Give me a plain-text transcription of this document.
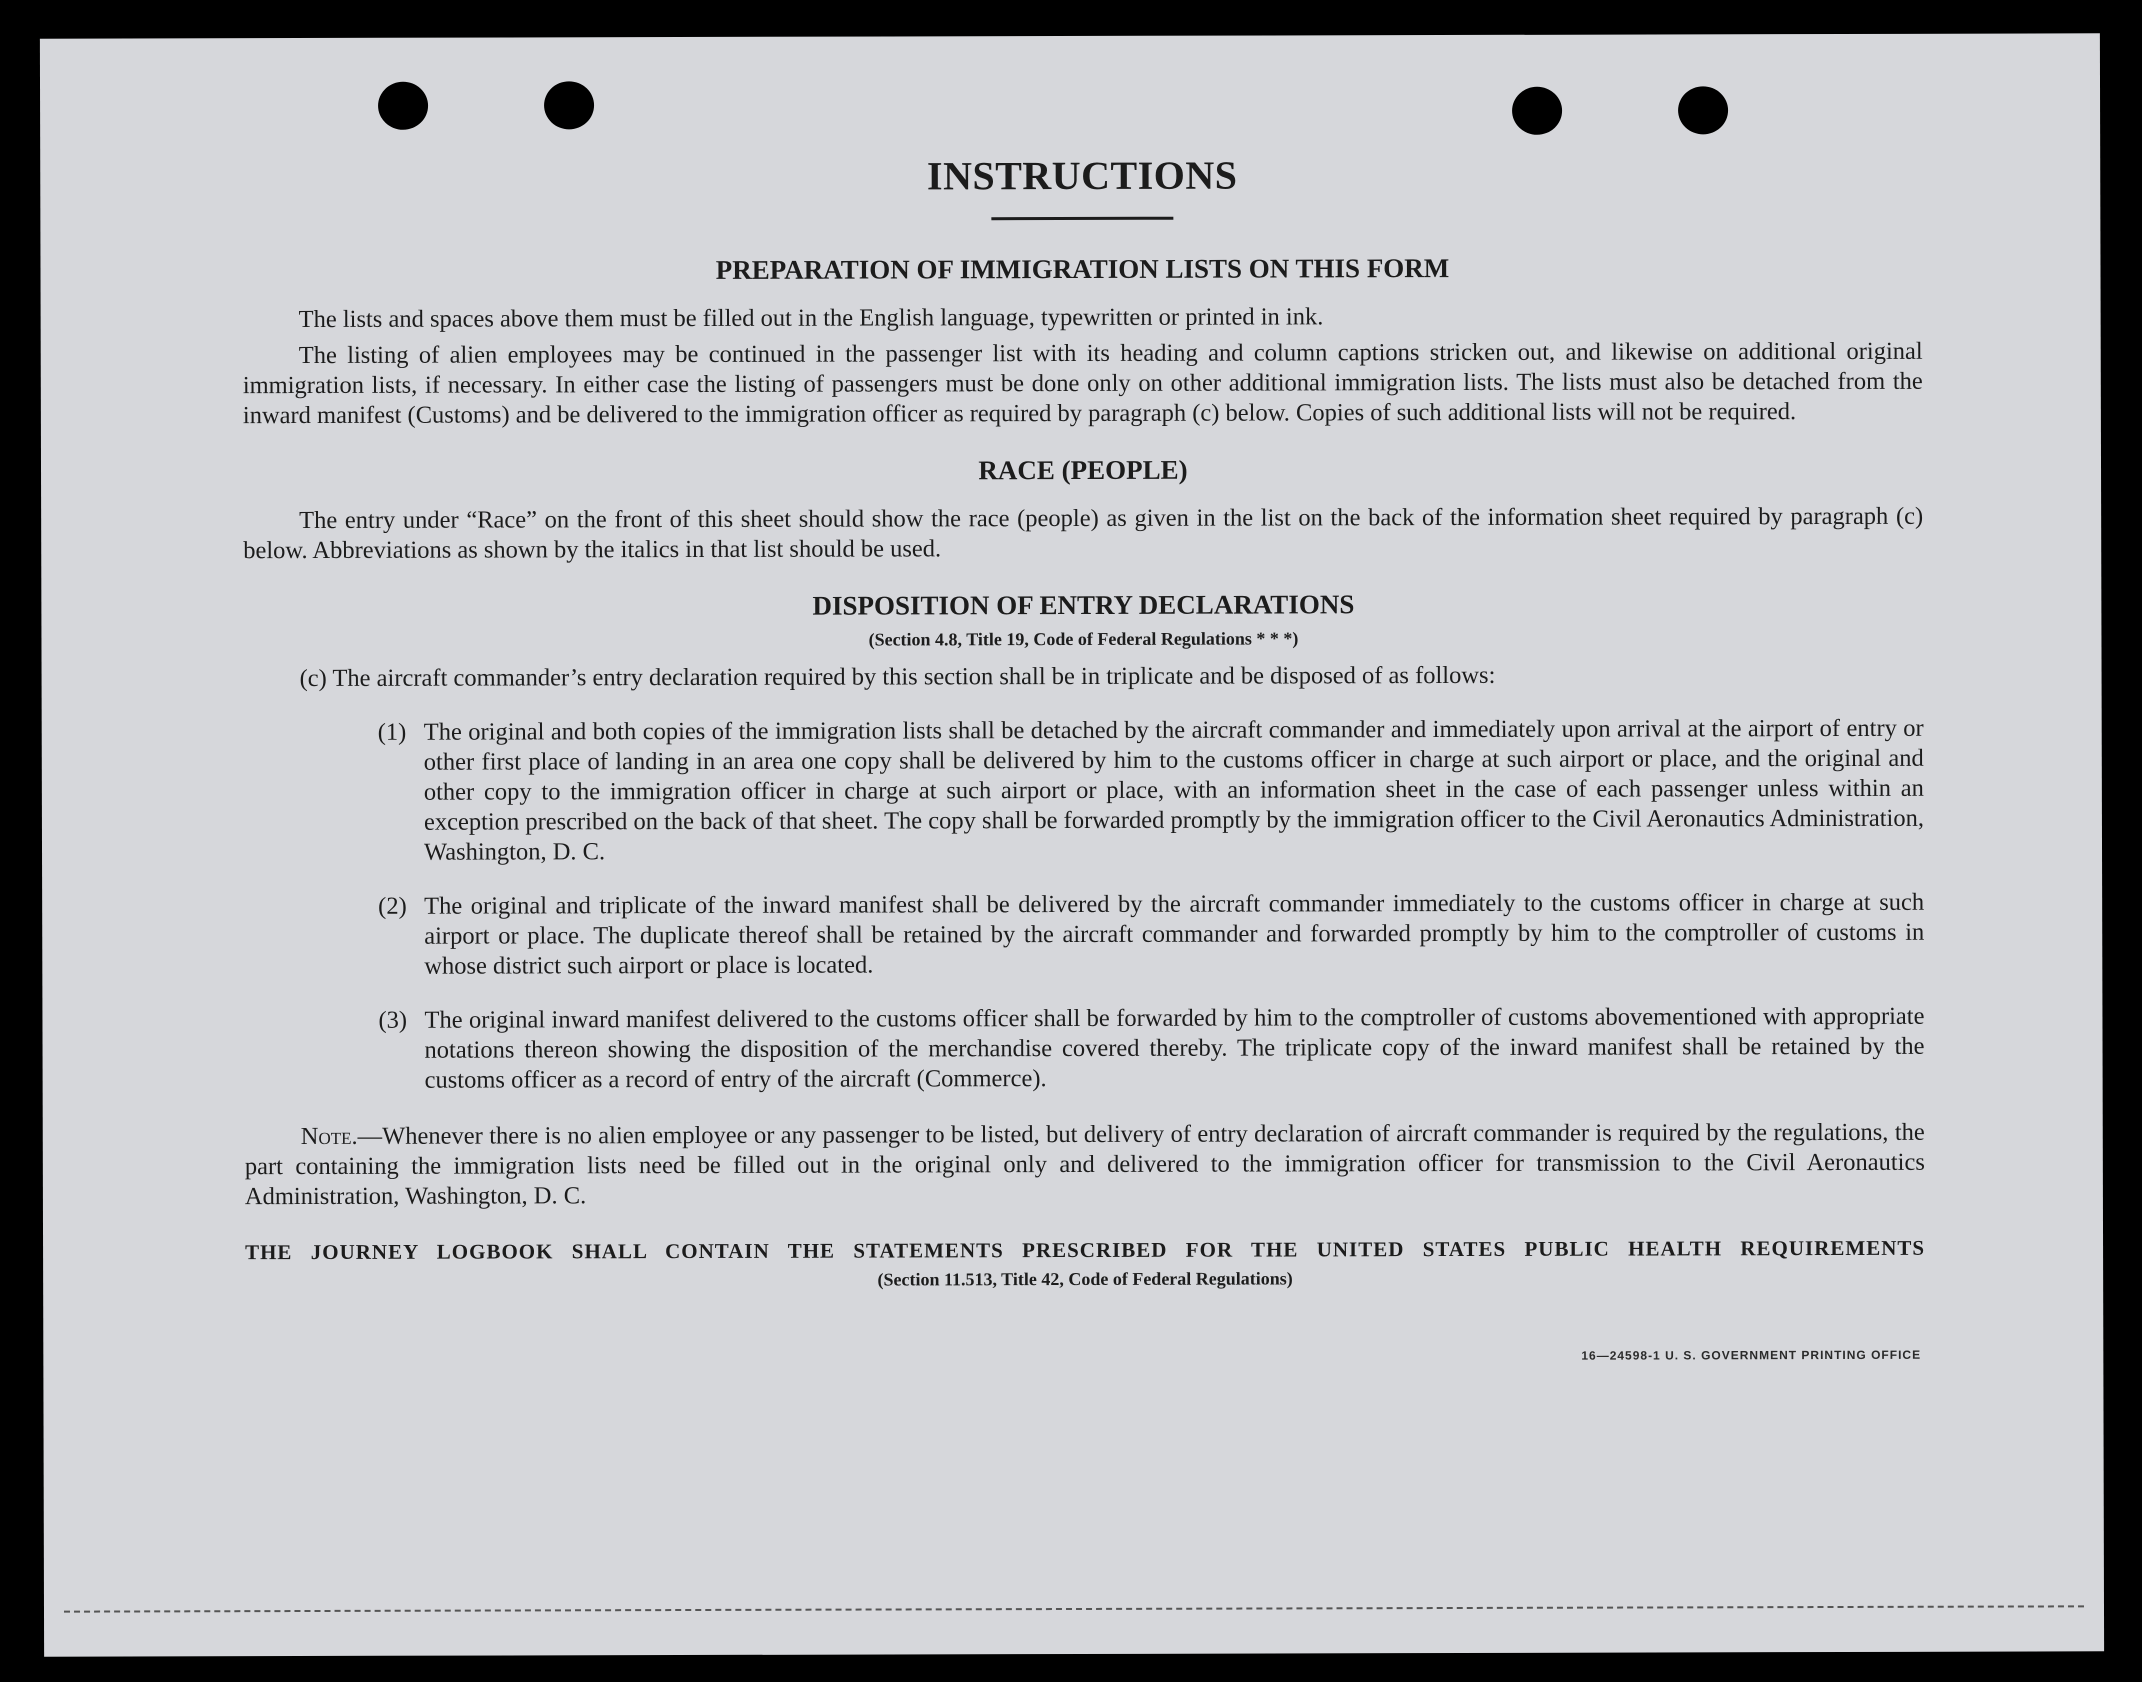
INSTRUCTIONS
PREPARATION OF IMMIGRATION LISTS ON THIS FORM

The lists and spaces above them must be filled out in the English language, typewritten or printed in ink.

The listing of alien employees may be continued in the passenger list with its heading and column captions stricken out, and likewise on additional original immigration lists, if necessary. In either case the listing of passengers must be done only on other additional immigration lists. The lists must also be detached from the inward manifest (Customs) and be delivered to the immigration officer as required by paragraph (c) below. Copies of such additional lists will not be required.

RACE (PEOPLE)

The entry under “Race” on the front of this sheet should show the race (people) as given in the list on the back of the information sheet required by paragraph (c) below. Abbreviations as shown by the italics in that list should be used.

DISPOSITION OF ENTRY DECLARATIONS
(Section 4.8, Title 19, Code of Federal Regulations * * *)

(c) The aircraft commander’s entry declaration required by this section shall be in triplicate and be disposed of as follows:

(1) The original and both copies of the immigration lists shall be detached by the aircraft commander and immediately upon arrival at the airport of entry or other first place of landing in an area one copy shall be delivered by him to the customs officer in charge at such airport or place, and the original and other copy to the immigration officer in charge at such airport or place, with an information sheet in the case of each passenger unless within an exception prescribed on the back of that sheet. The copy shall be forwarded promptly by the immigration officer to the Civil Aeronautics Administration, Washington, D. C.

(2) The original and triplicate of the inward manifest shall be delivered by the aircraft commander immediately to the customs officer in charge at such airport or place. The duplicate thereof shall be retained by the aircraft commander and forwarded promptly by him to the comptroller of customs in whose district such airport or place is located.

(3) The original inward manifest delivered to the customs officer shall be forwarded by him to the comptroller of customs abovementioned with appropriate notations thereon showing the disposition of the merchandise covered thereby. The triplicate copy of the inward manifest shall be retained by the customs officer as a record of entry of the aircraft (Commerce).

Note.—Whenever there is no alien employee or any passenger to be listed, but delivery of entry declaration of aircraft commander is required by the regulations, the part containing the immigration lists need be filled out in the original only and delivered to the immigration officer for transmission to the Civil Aeronautics Administration, Washington, D. C.

THE JOURNEY LOGBOOK SHALL CONTAIN THE STATEMENTS PRESCRIBED FOR THE UNITED STATES PUBLIC HEALTH REQUIREMENTS
(Section 11.513, Title 42, Code of Federal Regulations)
16—24598-1 U. S. GOVERNMENT PRINTING OFFICE
